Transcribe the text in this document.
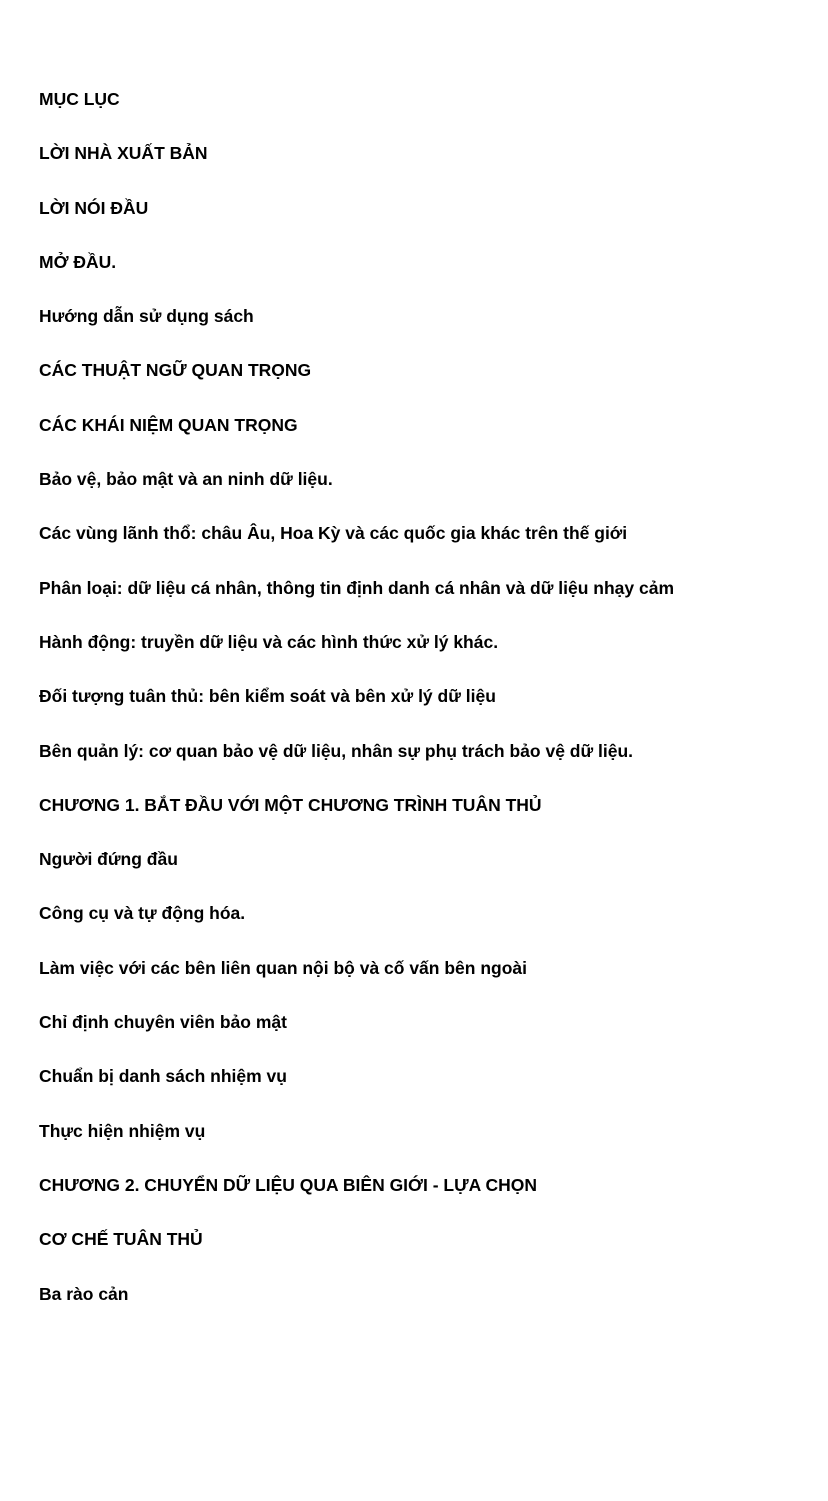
MỤC LỤC
LỜI NHÀ XUẤT BẢN
LỜI NÓI ĐẦU
MỞ ĐẦU.
Hướng dẫn sử dụng sách
CÁC THUẬT NGỮ QUAN TRỌNG
CÁC KHÁI NIỆM QUAN TRỌNG
Bảo vệ, bảo mật và an ninh dữ liệu.
Các vùng lãnh thổ: châu Âu, Hoa Kỳ và các quốc gia khác trên thế giới
Phân loại: dữ liệu cá nhân, thông tin định danh cá nhân và dữ liệu nhạy cảm
Hành động: truyền dữ liệu và các hình thức xử lý khác.
Đối tượng tuân thủ: bên kiểm soát và bên xử lý dữ liệu
Bên quản lý: cơ quan bảo vệ dữ liệu, nhân sự phụ trách bảo vệ dữ liệu.
CHƯƠNG 1. BẮT ĐẦU VỚI MỘT CHƯƠNG TRÌNH TUÂN THỦ
Người đứng đầu
Công cụ và tự động hóa.
Làm việc với các bên liên quan nội bộ và cố vấn bên ngoài
Chỉ định chuyên viên bảo mật
Chuẩn bị danh sách nhiệm vụ
Thực hiện nhiệm vụ
CHƯƠNG 2. CHUYỂN DỮ LIỆU QUA BIÊN GIỚI - LỰA CHỌN
CƠ CHẾ TUÂN THỦ
Ba rào cản
